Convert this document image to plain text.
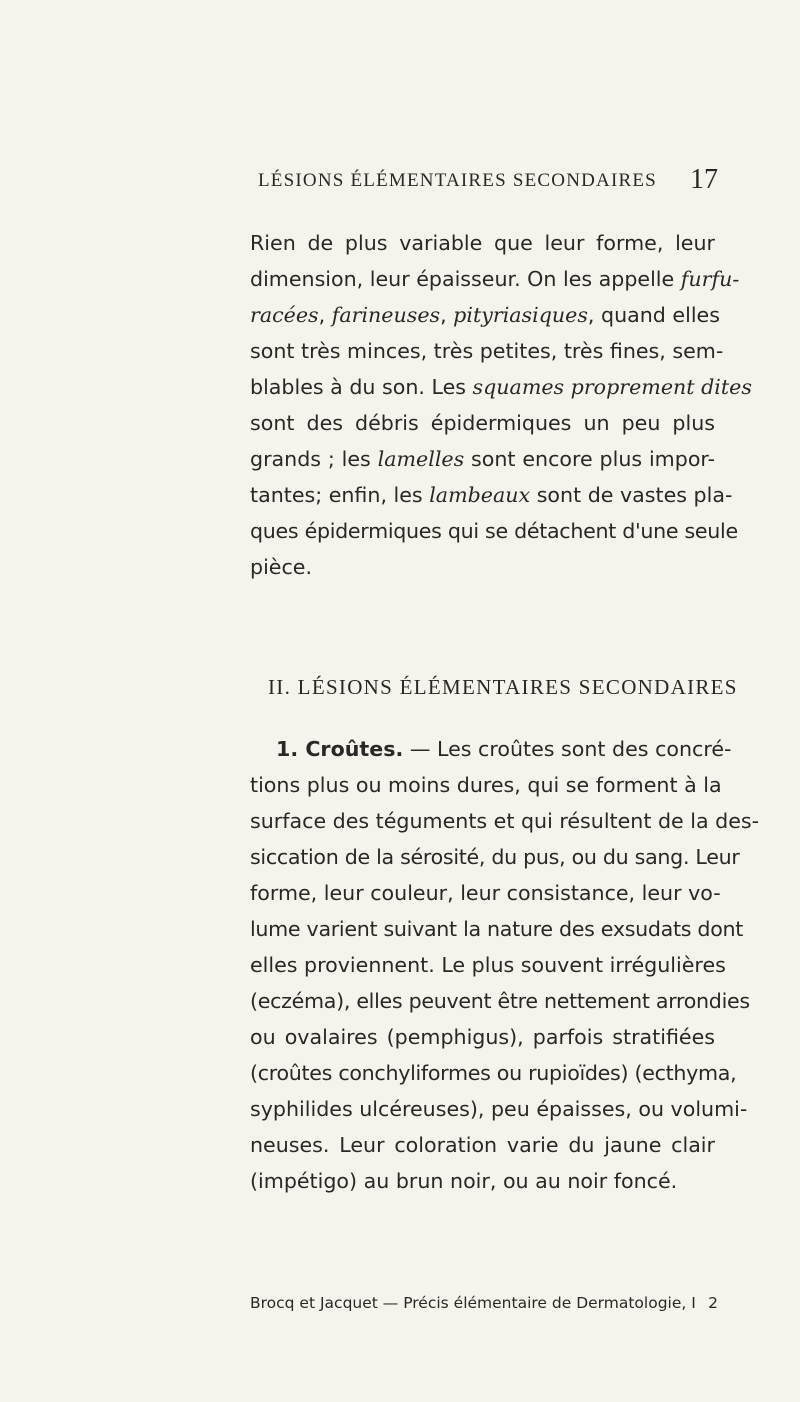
LÉSIONS ÉLÉMENTAIRES SECONDAIRES 17
Rien de plus variable que leur forme, leur
dimension, leur épaisseur. On les appelle furfu-
racées, farineuses, pityriasiques, quand elles
sont très minces, très petites, très fines, sem-
blables à du son. Les squames proprement dites
sont des débris épidermiques un peu plus
grands ; les lamelles sont encore plus impor-
tantes; enfin, les lambeaux sont de vastes pla-
ques épidermiques qui se détachent d'une seule
pièce.
II. LÉSIONS ÉLÉMENTAIRES SECONDAIRES
1. Croûtes. — Les croûtes sont des concré-
tions plus ou moins dures, qui se forment à la
surface des téguments et qui résultent de la des-
siccation de la sérosité, du pus, ou du sang. Leur
forme, leur couleur, leur consistance, leur vo-
lume varient suivant la nature des exsudats dont
elles proviennent. Le plus souvent irrégulières
(eczéma), elles peuvent être nettement arrondies
ou ovalaires (pemphigus), parfois stratifiées
(croûtes conchyliformes ou rupioïdes) (ecthyma,
syphilides ulcéreuses), peu épaisses, ou volumi-
neuses. Leur coloration varie du jaune clair
(impétigo) au brun noir, ou au noir foncé.
Brocq et Jacquet — Précis élémentaire de Dermatologie, I 2
